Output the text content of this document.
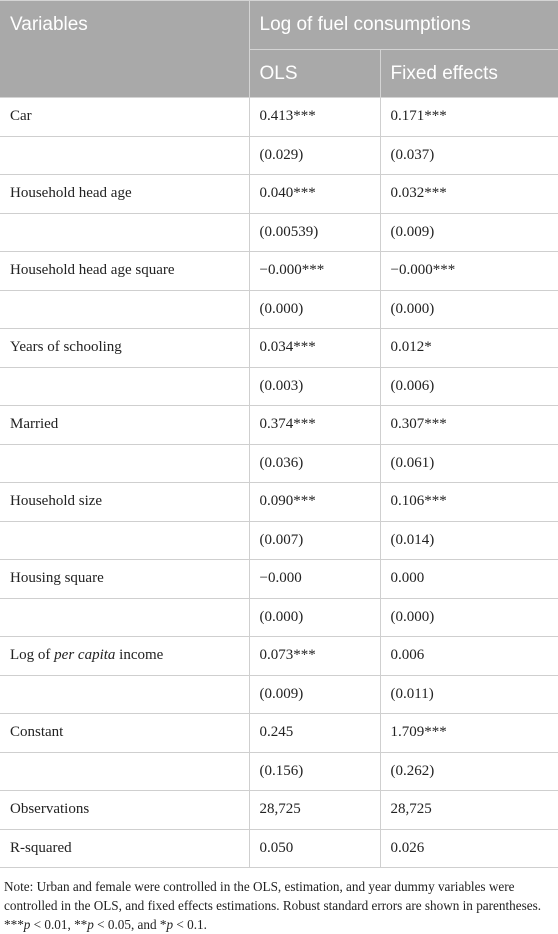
Variables	Log of fuel consumptions	
	OLS	Fixed effects
Car	0.413***	0.171***
	(0.029)	(0.037)
Household head age	0.040***	0.032***
	(0.00539)	(0.009)
Household head age square	−0.000***	−0.000***
	(0.000)	(0.000)
Years of schooling	0.034***	0.012*
	(0.003)	(0.006)
Married	0.374***	0.307***
	(0.036)	(0.061)
Household size	0.090***	0.106***
	(0.007)	(0.014)
Housing square	−0.000	0.000
	(0.000)	(0.000)
Log of per capita income	0.073***	0.006
	(0.009)	(0.011)
Constant	0.245	1.709***
	(0.156)	(0.262)
Observations	28,725	28,725
R-squared	0.050	0.026
Note: Urban and female were controlled in the OLS, estimation, and year dummy variables were controlled in the OLS, and fixed effects estimations. Robust standard errors are shown in parentheses. ***p < 0.01, **p < 0.05, and *p < 0.1.
